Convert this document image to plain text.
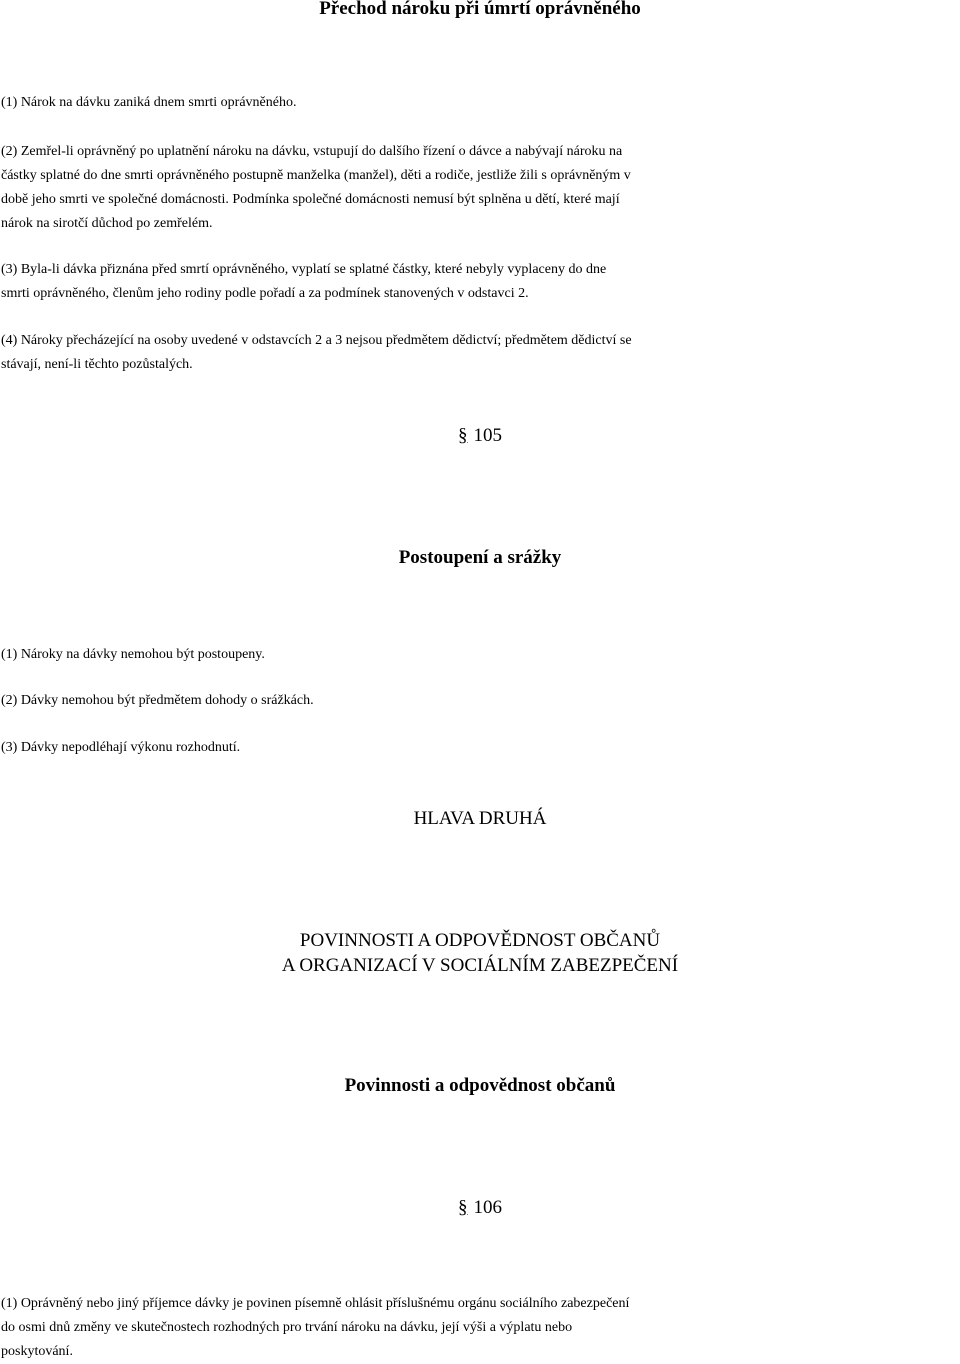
Přechod nároku při úmrtí oprávněného
(1) Nárok na dávku zaniká dnem smrti oprávněného.
(2) Zemřel-li oprávněný po uplatnění nároku na dávku, vstupují do dalšího řízení o dávce a nabývají nároku na
částky splatné do dne smrti oprávněného postupně manželka (manžel), děti a rodiče, jestliže žili s oprávněným v
době jeho smrti ve společné domácnosti. Podmínka společné domácnosti nemusí být splněna u dětí, které mají
nárok na sirotčí důchod po zemřelém.
(3) Byla-li dávka přiznána před smrtí oprávněného, vyplatí se splatné částky, které nebyly vyplaceny do dne
smrti oprávněného, členům jeho rodiny podle pořadí a za podmínek stanovených v odstavci 2.
(4) Nároky přecházející na osoby uvedené v odstavcích 2 a 3 nejsou předmětem dědictví; předmětem dědictví se
stávají, není-li těchto pozůstalých.
§ 105
Postoupení a srážky
(1) Nároky na dávky nemohou být postoupeny.
(2) Dávky nemohou být předmětem dohody o srážkách.
(3) Dávky nepodléhají výkonu rozhodnutí.
HLAVA DRUHÁ
POVINNOSTI A ODPOVĚDNOST OBČANŮ
A ORGANIZACÍ V SOCIÁLNÍM ZABEZPEČENÍ
Povinnosti a odpovědnost občanů
§ 106
(1) Oprávněný nebo jiný příjemce dávky je povinen písemně ohlásit příslušnému orgánu sociálního zabezpečení
do osmi dnů změny ve skutečnostech rozhodných pro trvání nároku na dávku, její výši a výplatu nebo
poskytování.
